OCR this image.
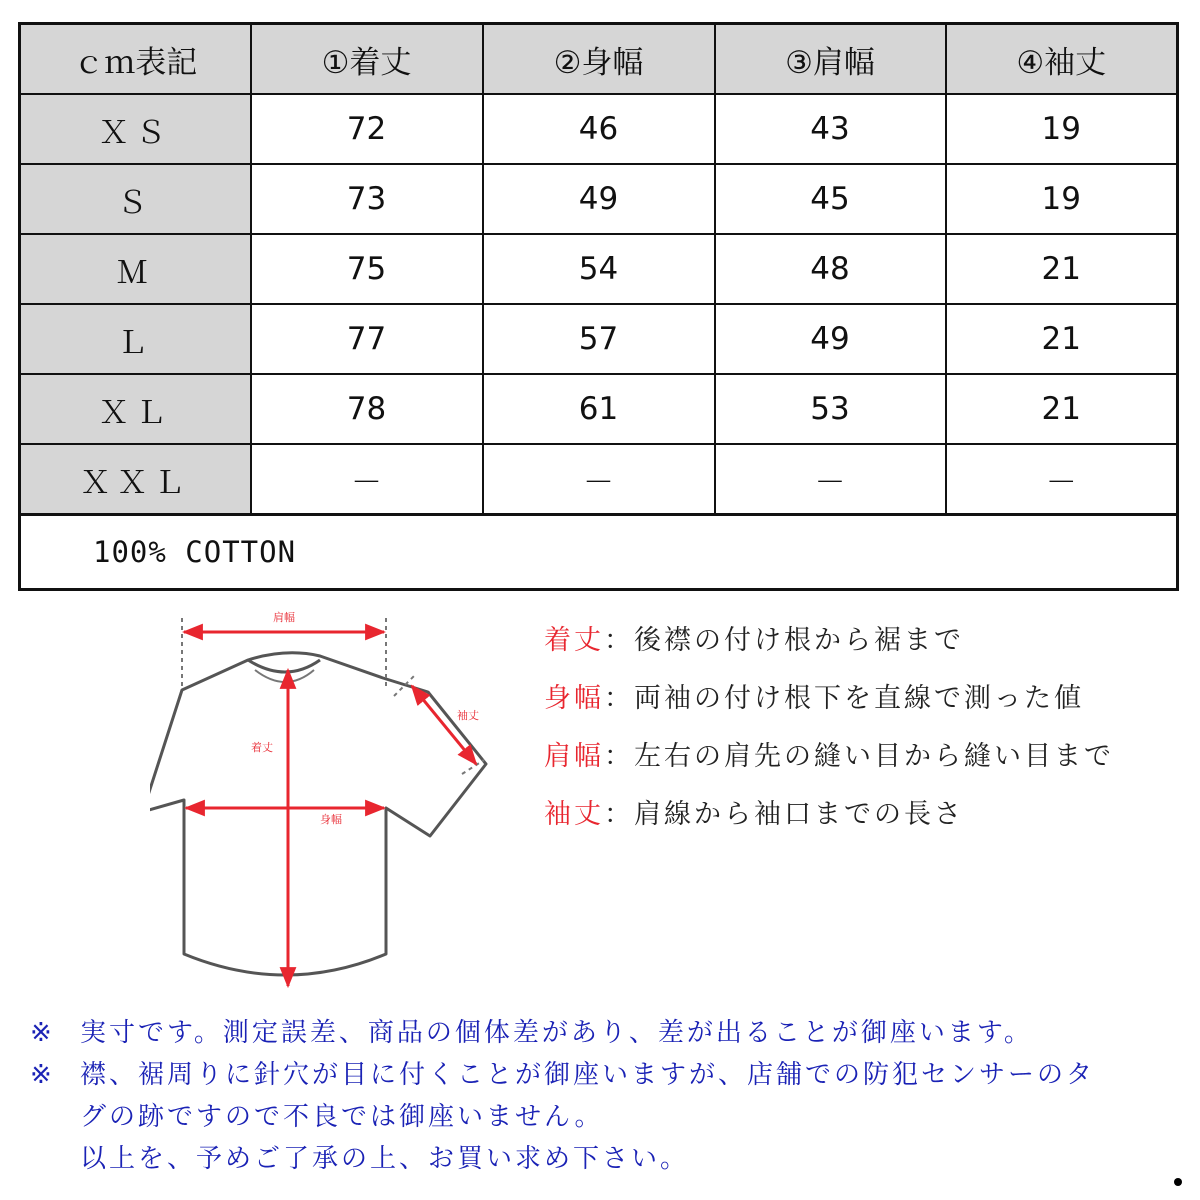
ｃｍ表記	①着丈	②身幅	③肩幅	④袖丈
ＸＳ	72	46	43	19
Ｓ	73	49	45	19
Ｍ	75	54	48	21
Ｌ	77	57	49	21
ＸＬ	78	61	53	21
ＸＸＬ	－	－	－	－
100% COTTON				
肩幅
袖丈
着丈
身幅
着丈：後襟の付け根から裾まで
身幅：両袖の付け根下を直線で測った値
肩幅：左右の肩先の縫い目から縫い目まで
袖丈：肩線から袖口までの長さ
※ 実寸です。測定誤差、商品の個体差があり、差が出ることが御座います。
※ 襟、裾周りに針穴が目に付くことが御座いますが、店舗での防犯センサーのタ
グの跡ですので不良では御座いません。
以上を、予めご了承の上、お買い求め下さい。
